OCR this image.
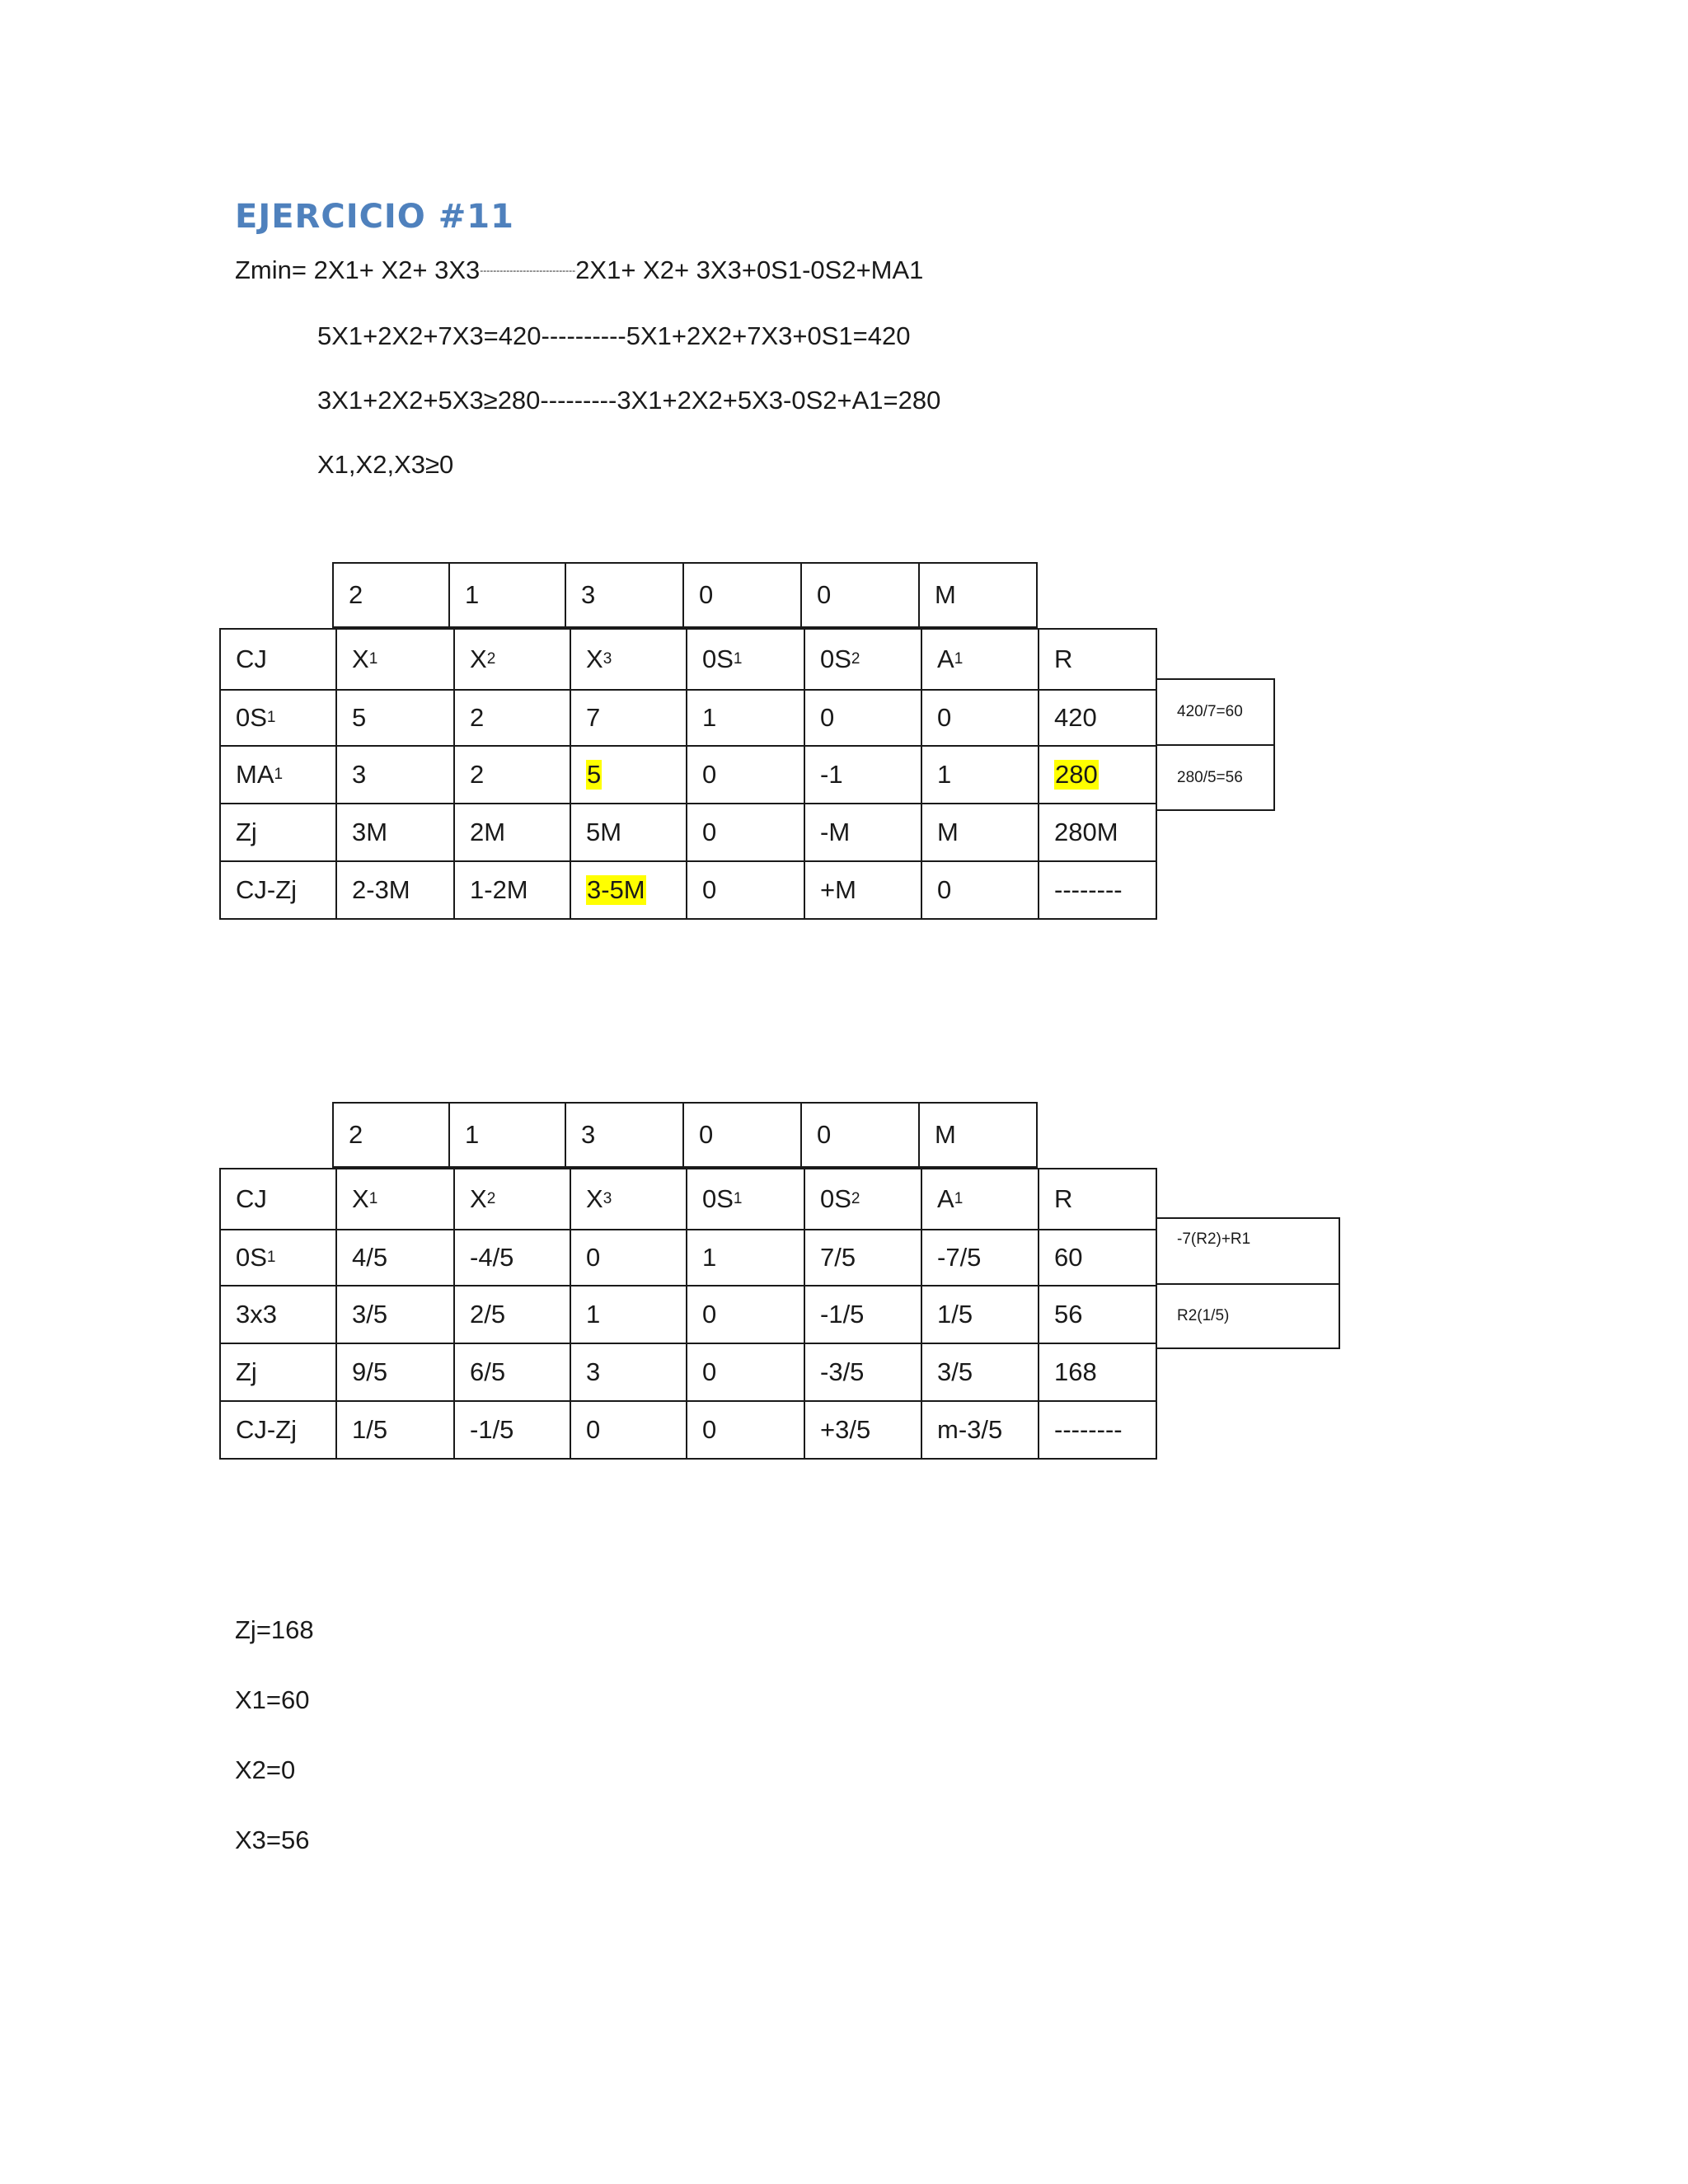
EJERCICIO #11
Zmin= 2X1+ X2+ 3X3-----------------------------2X1+ X2+ 3X3+0S1-0S2+MA1
5X1+2X2+7X3=420----------5X1+2X2+7X3+0S1=420
3X1+2X2+5X3≥280---------3X1+2X2+5X3-0S2+A1=280
X1,X2,X3≥0
2	1	3	0	0	M
CJ	X 1	X 2	X 3	0S 1	0S 2	A 1	R
0S 1	5	2	7	1	0	0	420
MA 1	3	2	5	0	-1	1	280
Zj	3M	2M	5M	0	-M	M	280M
CJ-Zj	2-3M	1-2M	3-5M	0	+M	0	--------
420/7=60
280/5=56
2	1	3	0	0	M
CJ	X 1	X 2	X 3	0S 1	0S 2	A 1	R
0S 1	4/5	-4/5	0	1	7/5	-7/5	60
3x3	3/5	2/5	1	0	-1/5	1/5	56
Zj	9/5	6/5	3	0	-3/5	3/5	168
CJ-Zj	1/5	-1/5	0	0	+3/5	m-3/5	--------
-7(R2)+R1
R2(1/5)
Zj=168
X1=60
X2=0
X3=56
